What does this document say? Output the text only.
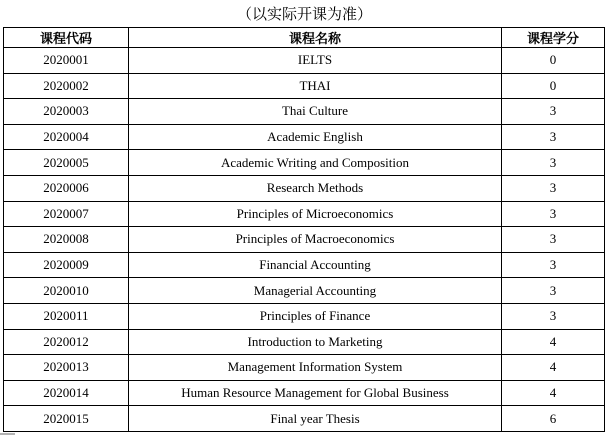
（以实际开课为准）
课程代码	课程名称	课程学分
2020001	IELTS	0
2020002	THAI	0
2020003	Thai Culture	3
2020004	Academic English	3
2020005	Academic Writing and Composition	3
2020006	Research Methods	3
2020007	Principles of Microeconomics	3
2020008	Principles of Macroeconomics	3
2020009	Financial Accounting	3
2020010	Managerial Accounting	3
2020011	Principles of Finance	3
2020012	Introduction to Marketing	4
2020013	Management Information System	4
2020014	Human Resource Management for Global Business	4
2020015	Final year Thesis	6
